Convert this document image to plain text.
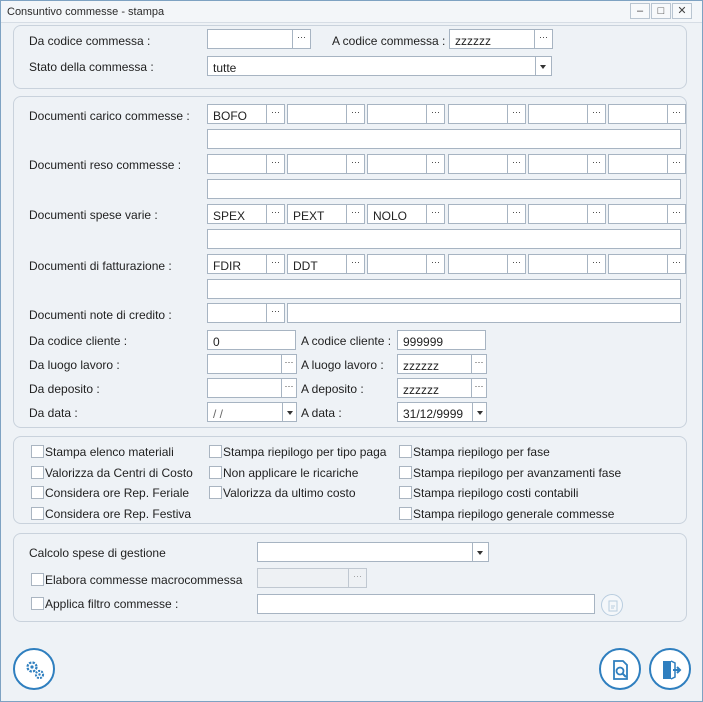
Consuntivo commesse - stampa	–	□	✕
Da codice commessa :	···	A codice commessa : zzzzzz	···
Stato della commessa :	tutte
Documenti carico commesse :	BOFO	···	···	···	···	···	···
Documenti reso commesse :	···	···	···	···	···	···
Documenti spese varie :	SPEX	···	PEXT	···	NOLO	···	···	···	···
Documenti di fatturazione :	FDIR	···	DDT	···	···	···	···	···
Documenti note di credito :	···
Da codice cliente :	0	A codice cliente : 999999
Da luogo lavoro :	··· A luogo lavoro :	zzzzzz	···
Da deposito :	··· A deposito :	zzzzzz	···
Da data :	/ /	A data :	31/12/9999
Stampa elenco materiali
Valorizza da Centri di Costo
Considera ore Rep. Feriale
Considera ore Rep. Festiva
Stampa riepilogo per tipo paga
Non applicare le ricariche
Valorizza da ultimo costo
Stampa riepilogo per fase
Stampa riepilogo per avanzamenti fase
Stampa riepilogo costi contabili
Stampa riepilogo generale commesse
Calcolo spese di gestione
Elabora commesse macrocommessa	···
Applica filtro commesse :
